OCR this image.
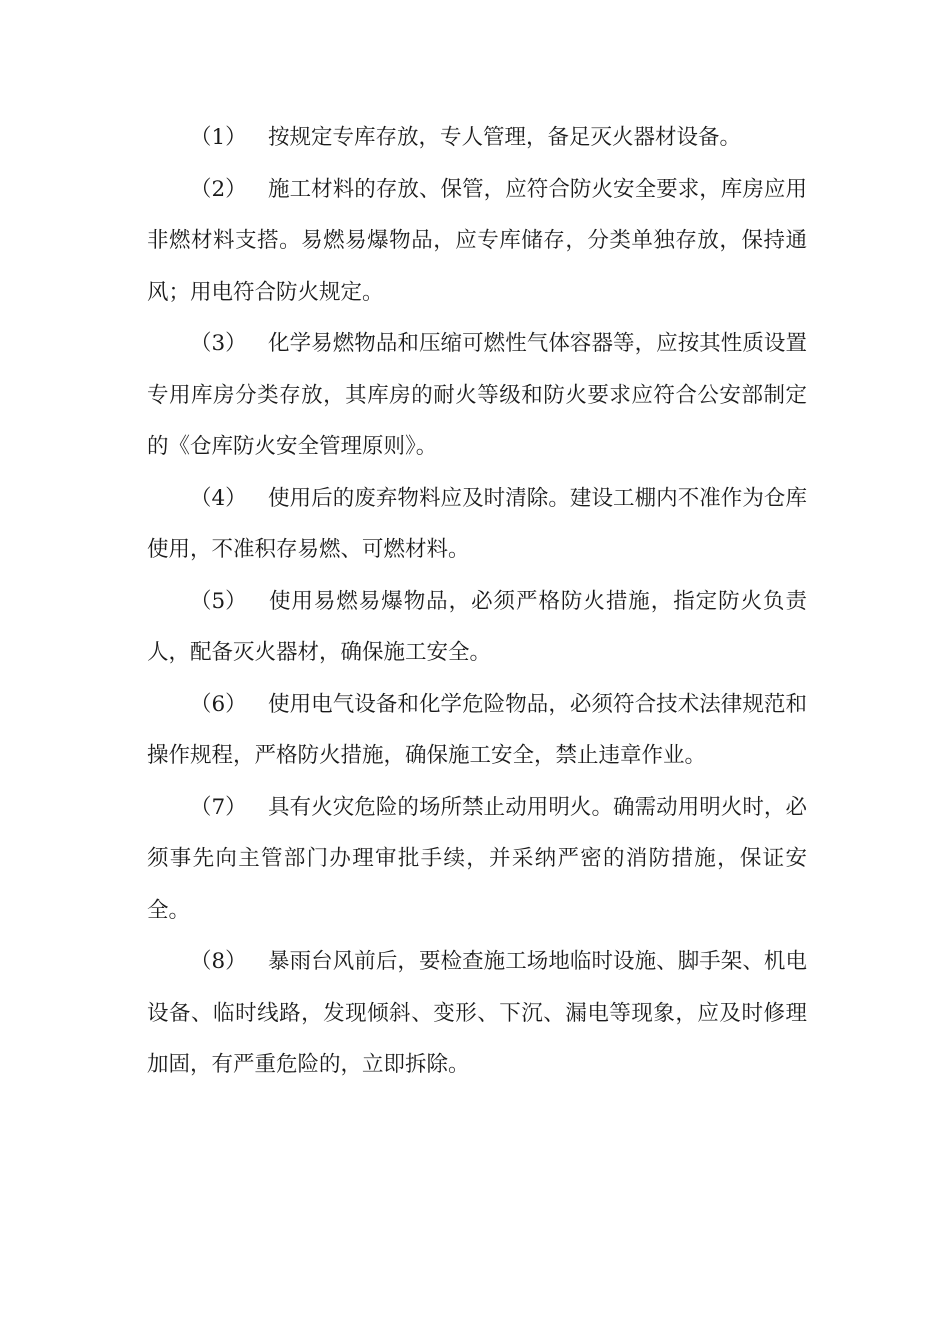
（1） 按规定专库存放，专人管理，备足灭火器材设备。

（2） 施工材料的存放、保管，应符合防火安全要求，库房应用非燃材料支搭。易燃易爆物品，应专库储存，分类单独存放，保持通风；用电符合防火规定。

（3） 化学易燃物品和压缩可燃性气体容器等，应按其性质设置专用库房分类存放，其库房的耐火等级和防火要求应符合公安部制定的《仓库防火安全管理原则》。

（4） 使用后的废弃物料应及时清除。建设工棚内不准作为仓库使用，不准积存易燃、可燃材料。

（5） 使用易燃易爆物品，必须严格防火措施，指定防火负责人，配备灭火器材，确保施工安全。

（6） 使用电气设备和化学危险物品，必须符合技术法律规范和操作规程，严格防火措施，确保施工安全，禁止违章作业。

（7） 具有火灾危险的场所禁止动用明火。确需动用明火时，必须事先向主管部门办理审批手续，并采纳严密的消防措施，保证安全。

（8） 暴雨台风前后，要检查施工场地临时设施、脚手架、机电设备、临时线路，发现倾斜、变形、下沉、漏电等现象，应及时修理加固，有严重危险的，立即拆除。
